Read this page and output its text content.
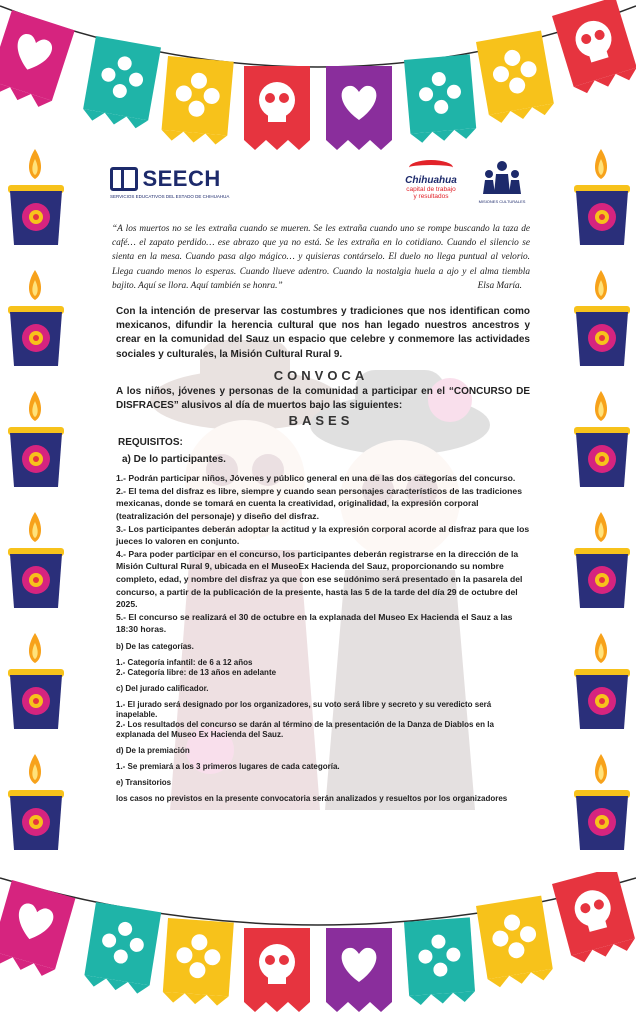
SEECH
SERVICIOS EDUCATIVOS DEL ESTADO DE CHIHUAHUA
Chihuahua
capital de trabajo
y resultados
MISIONES CULTURALES

“A los muertos no se les extraña cuando se mueren. Se les extraña cuando uno se rompe buscando la taza de café… el zapato perdido… ese abrazo que ya no está. Se les extraña en lo cotidiano. Cuando el silencio se sienta en la mesa. Cuando pasa algo mágico… y quisieras contárselo. El duelo no llega puntual al velorio. Llega cuando menos lo esperas. Cuando llueve adentro. Cuando la nostalgia huela a ajo y el alma tiembla bajito. Aquí se llora. Aquí también se honra.”	Elsa María.

Con la intención de preservar las costumbres y tradiciones que nos identifican como mexicanos, difundir la herencia cultural que nos han legado nuestros ancestros y crear en la comunidad del Sauz un espacio que celebre y conmemore las actividades sociales y culturales, la Misión Cultural Rural 9.

CONVOCA

A los niños, jóvenes y personas de la comunidad a participar en el “CONCURSO DE DISFRACES” alusivos al día de muertos bajo las siguientes:

BASES
REQUISITOS:
a) De lo participantes.

1.- Podrán participar niños, Jóvenes y público general en una de las dos categorías del concurso.

2.- El tema del disfraz es libre, siempre y cuando sean personajes característicos de las tradiciones mexicanas, donde se tomará en cuenta la creatividad, originalidad, la expresión corporal (teatralización del personaje) y diseño del disfraz.

3.- Los participantes deberán adoptar la actitud y la expresión corporal acorde al disfraz para que los jueces lo valoren en conjunto.

4.- Para poder participar en el concurso, los participantes deberán registrarse en la dirección de la Misión Cultural Rural 9, ubicada en el MuseoEx Hacienda del Sauz, proporcionando su nombre completo, edad, y nombre del disfraz ya que con ese seudónimo será presentado en la pasarela del concurso, a partir de la publicación de la presente, hasta las 5 de la tarde del día 29 de octubre del 2025.

5.- El concurso se realizará el 30 de octubre en la explanada del Museo Ex Hacienda el Sauz a las 18:30 horas.

b) De las categorías.

1.- Categoría infantil: de 6 a 12 años

2.- Categoría libre: de 13 años en adelante

c) Del jurado calificador.

1.- El jurado será designado por los organizadores, su voto será libre y secreto y su veredicto será inapelable.

2.- Los resultados del concurso se darán al término de la presentación de la Danza de Diablos en la explanada del Museo Ex Hacienda del Sauz.

d) De la premiación

1.- Se premiará a los 3 primeros lugares de cada categoría.

e) Transitorios

los casos no previstos en la presente convocatoria serán analizados y resueltos por los organizadores
